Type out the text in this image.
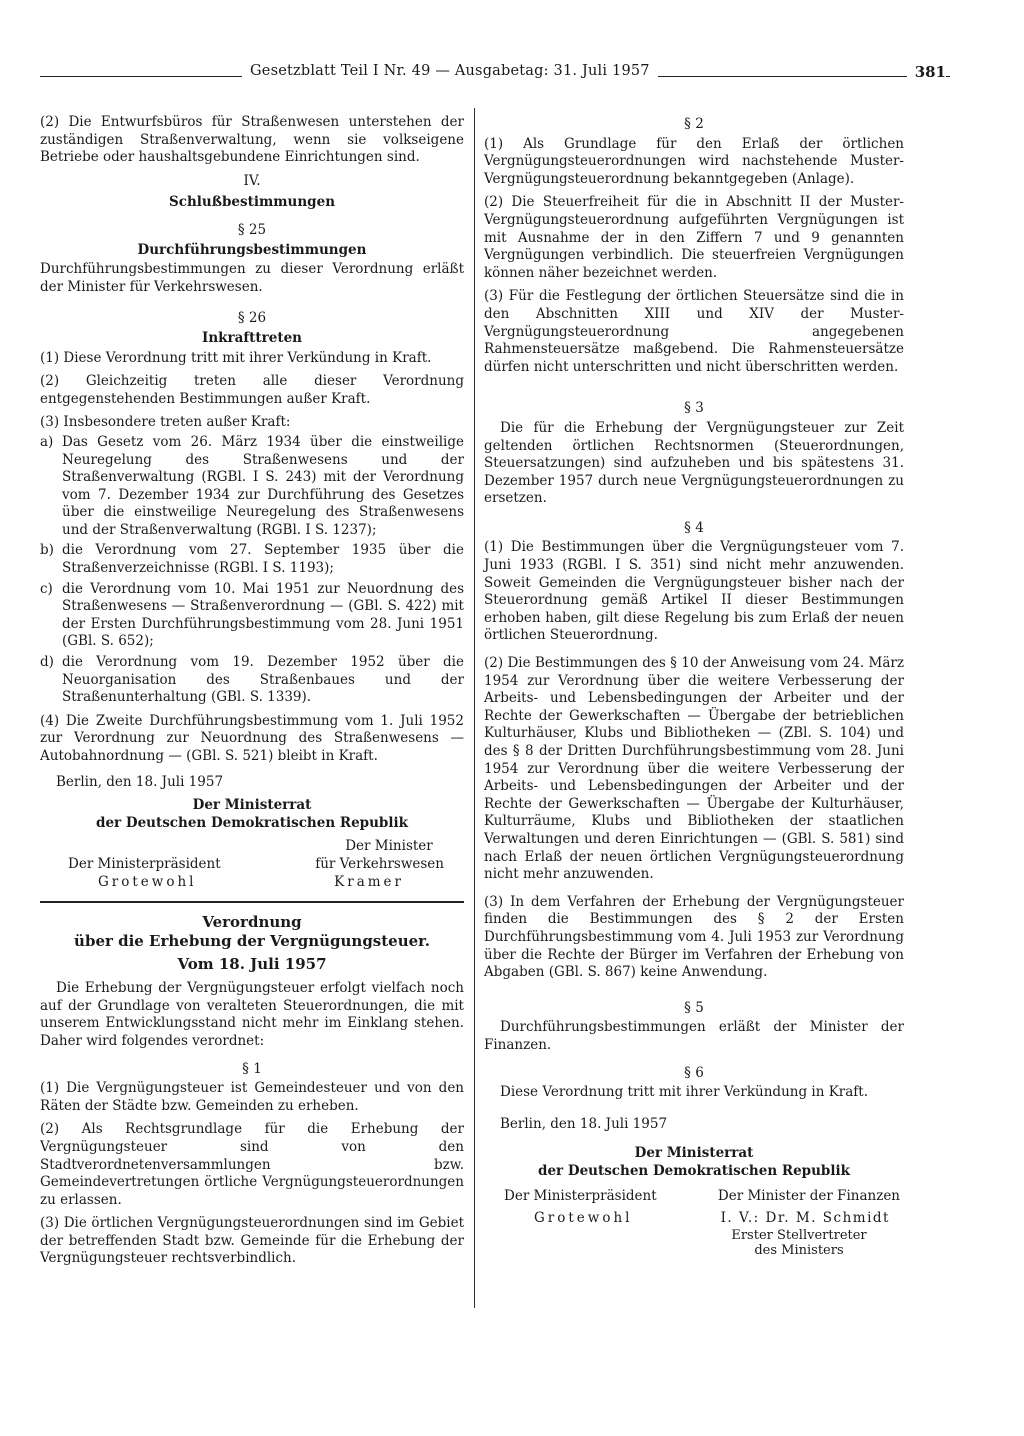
Gesetzblatt Teil I Nr. 49 — Ausgabetag: 31. Juli 1957	381

(2) Die Entwurfsbüros für Straßenwesen unterstehen der zuständigen Straßenverwaltung, wenn sie volkseigene Betriebe oder haushaltsgebundene Einrichtungen sind.

IV.
Schlußbestimmungen
§ 25
Durchführungsbestimmungen

Durchführungsbestimmungen zu dieser Verordnung erläßt der Minister für Verkehrswesen.

§ 26
Inkrafttreten

(1) Diese Verordnung tritt mit ihrer Verkündung in Kraft.

(2) Gleichzeitig treten alle dieser Verordnung entgegenstehenden Bestimmungen außer Kraft.

(3) Insbesondere treten außer Kraft:

a) Das Gesetz vom 26. März 1934 über die einstweilige Neuregelung des Straßenwesens und der Straßenverwaltung (RGBl. I S. 243) mit der Verordnung vom 7. Dezember 1934 zur Durchführung des Gesetzes über die einstweilige Neuregelung des Straßenwesens und der Straßenverwaltung (RGBl. I S. 1237);
b) die Verordnung vom 27. September 1935 über die Straßenverzeichnisse (RGBl. I S. 1193);
c) die Verordnung vom 10. Mai 1951 zur Neuordnung des Straßenwesens — Straßenverordnung — (GBl. S. 422) mit der Ersten Durchführungsbestimmung vom 28. Juni 1951 (GBl. S. 652);
d) die Verordnung vom 19. Dezember 1952 über die Neuorganisation des Straßenbaues und der Straßenunterhaltung (GBl. S. 1339).

(4) Die Zweite Durchführungsbestimmung vom 1. Juli 1952 zur Verordnung zur Neuordnung des Straßenwesens — Autobahnordnung — (GBl. S. 521) bleibt in Kraft.

Berlin, den 18. Juli 1957

Der Ministerrat
der Deutschen Demokratischen Republik
Der Minister
Der Ministerpräsident	für Verkehrswesen
Grotewohl	Kramer
Verordnung
über die Erhebung der Vergnügungsteuer.
Vom 18. Juli 1957

Die Erhebung der Vergnügungsteuer erfolgt vielfach noch auf der Grundlage von veralteten Steuerordnungen, die mit unserem Entwicklungsstand nicht mehr im Einklang stehen. Daher wird folgendes verordnet:

§ 1

(1) Die Vergnügungsteuer ist Gemeindesteuer und von den Räten der Städte bzw. Gemeinden zu erheben.

(2) Als Rechtsgrundlage für die Erhebung der Vergnügungsteuer sind von den Stadtverordnetenversammlungen bzw. Gemeindevertretungen örtliche Vergnügungsteuerordnungen zu erlassen.

(3) Die örtlichen Vergnügungsteuerordnungen sind im Gebiet der betreffenden Stadt bzw. Gemeinde für die Erhebung der Vergnügungsteuer rechtsverbindlich.

§ 2

(1) Als Grundlage für den Erlaß der örtlichen Vergnügungsteuerordnungen wird nachstehende Muster-Vergnügungsteuerordnung bekanntgegeben (Anlage).

(2) Die Steuerfreiheit für die in Abschnitt II der Muster-Vergnügungsteuerordnung aufgeführten Vergnügungen ist mit Ausnahme der in den Ziffern 7 und 9 genannten Vergnügungen verbindlich. Die steuerfreien Vergnügungen können näher bezeichnet werden.

(3) Für die Festlegung der örtlichen Steuersätze sind die in den Abschnitten XIII und XIV der Muster-Vergnügungsteuerordnung angegebenen Rahmensteuersätze maßgebend. Die Rahmensteuersätze dürfen nicht unterschritten und nicht überschritten werden.

§ 3

Die für die Erhebung der Vergnügungsteuer zur Zeit geltenden örtlichen Rechtsnormen (Steuerordnungen, Steuersatzungen) sind aufzuheben und bis spätestens 31. Dezember 1957 durch neue Vergnügungsteuerordnungen zu ersetzen.

§ 4

(1) Die Bestimmungen über die Vergnügungsteuer vom 7. Juni 1933 (RGBl. I S. 351) sind nicht mehr anzuwenden. Soweit Gemeinden die Vergnügungsteuer bisher nach der Steuerordnung gemäß Artikel II dieser Bestimmungen erhoben haben, gilt diese Regelung bis zum Erlaß der neuen örtlichen Steuerordnung.

(2) Die Bestimmungen des § 10 der Anweisung vom 24. März 1954 zur Verordnung über die weitere Verbesserung der Arbeits- und Lebensbedingungen der Arbeiter und der Rechte der Gewerkschaften — Übergabe der betrieblichen Kulturhäuser, Klubs und Bibliotheken — (ZBl. S. 104) und des § 8 der Dritten Durchführungsbestimmung vom 28. Juni 1954 zur Verordnung über die weitere Verbesserung der Arbeits- und Lebensbedingungen der Arbeiter und der Rechte der Gewerkschaften — Übergabe der Kulturhäuser, Kulturräume, Klubs und Bibliotheken der staatlichen Verwaltungen und deren Einrichtungen — (GBl. S. 581) sind nach Erlaß der neuen örtlichen Vergnügungsteuerordnung nicht mehr anzuwenden.

(3) In dem Verfahren der Erhebung der Vergnügungsteuer finden die Bestimmungen des § 2 der Ersten Durchführungsbestimmung vom 4. Juli 1953 zur Verordnung über die Rechte der Bürger im Verfahren der Erhebung von Abgaben (GBl. S. 867) keine Anwendung.

§ 5

Durchführungsbestimmungen erläßt der Minister der Finanzen.

§ 6

Diese Verordnung tritt mit ihrer Verkündung in Kraft.

Berlin, den 18. Juli 1957

Der Ministerrat
der Deutschen Demokratischen Republik
Der Ministerpräsident	Der Minister der Finanzen
Grotewohl	I. V.: Dr. M. Schmidt
Erster Stellvertreter
des Ministers
